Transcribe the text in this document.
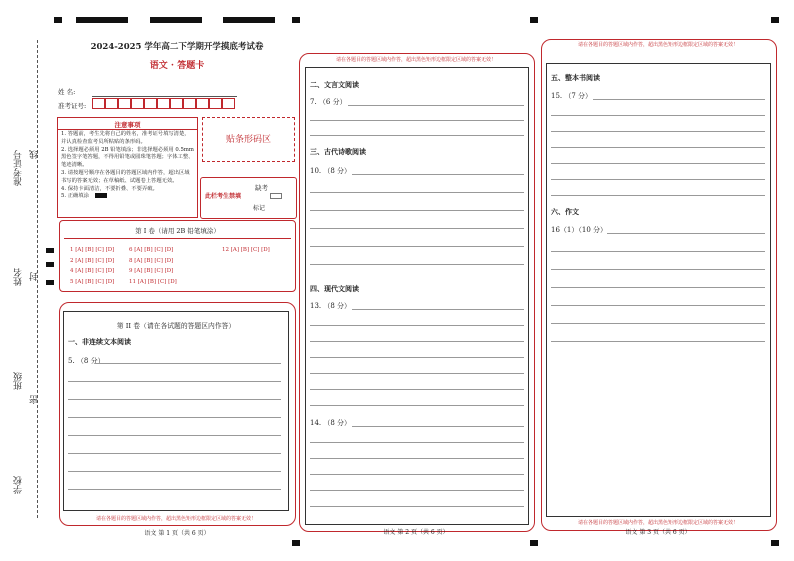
准考证号 线
姓名 封
班级
密
学校
2024-2025 学年高二下学期开学摸底考试卷
语文 · 答题卡
姓 名:
准考证号:
注意事项
1. 答题前，考生先将自己的姓名，准考证号填写清楚，并认真检查监考员所粘贴的条形码。
2. 选择题必须用 2B 铅笔填涂；非选择题必须用 0.5mm 黑色签字笔答题，不得用铅笔或圆珠笔答题；字体工整、笔迹清晰。
3. 请按题号顺序在各题目的答题区域内作答，超出区域书写的答案无效；在草稿纸、试题卷上答题无效。
4. 保持卡面清洁，不要折叠、不要弄破。
5. 正确填涂
贴条形码区
此栏考生禁填
缺考
标记
第 I 卷（请用 2B 铅笔填涂）
1 [A] [B] [C] [D]
2 [A] [B] [C] [D]
4 [A] [B] [C] [D]
5 [A] [B] [C] [D]
6 [A] [B] [C] [D]
8 [A] [B] [C] [D]
9 [A] [B] [C] [D]
11 [A] [B] [C] [D]
12 [A] [B] [C] [D]
第 II 卷（请在各试题的答题区内作答）
一、非连续文本阅读
5. （8 分）
请在各题目的答题区域内作答，超出黑色矩形边框限定区域的答案无效！
语文 第 1 页（共 6 页）
请在各题目的答题区域内作答，超出黑色矩形边框限定区域的答案无效！
二、文言文阅读
7. （6 分）
三、古代诗歌阅读
10. （8 分）
四、现代文阅读
13. （8 分）
14. （8 分）
语文 第 2 页（共 6 页）
请在各题目的答题区域内作答，超出黑色矩形边框限定区域的答案无效！
五、整本书阅读
15. （7 分）
六、作文
16（1）（10 分）
请在各题目的答题区域内作答，超出黑色矩形边框限定区域的答案无效！
语文 第 3 页（共 6 页）
